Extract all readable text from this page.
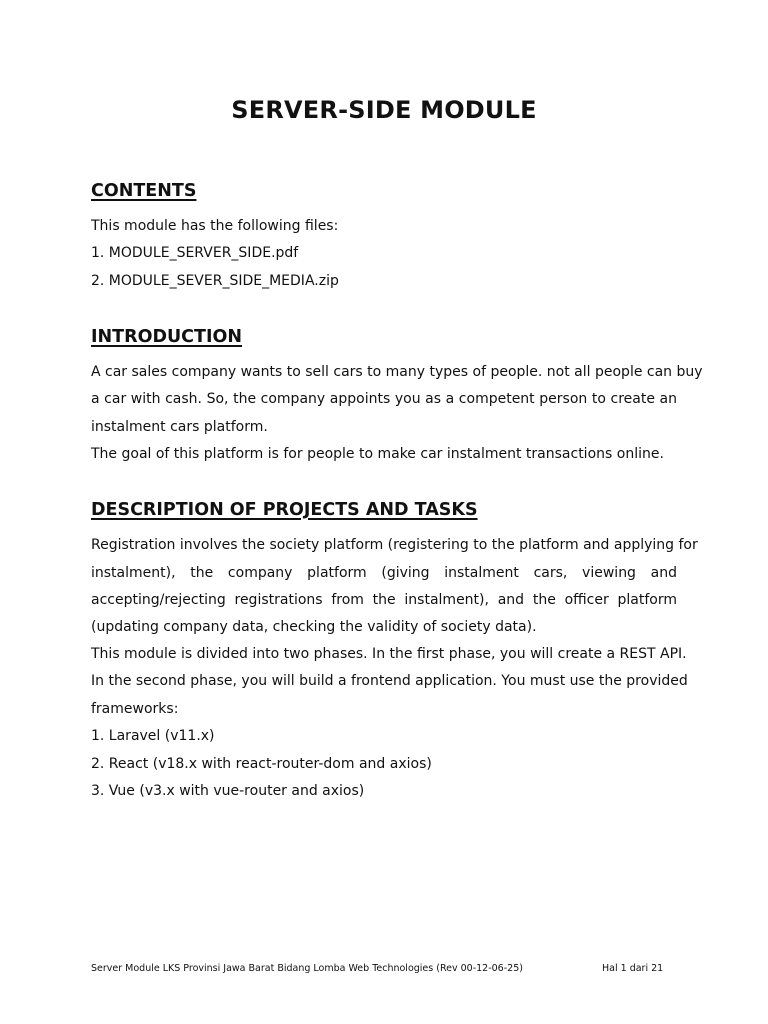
SERVER-SIDE MODULE
CONTENTS
This module has the following files:
1. MODULE_SERVER_SIDE.pdf
2. MODULE_SEVER_SIDE_MEDIA.zip
INTRODUCTION
A car sales company wants to sell cars to many types of people. not all people can buy
a car with cash. So, the company appoints you as a competent person to create an
instalment cars platform.
The goal of this platform is for people to make car instalment transactions online.
DESCRIPTION OF PROJECTS AND TASKS
Registration involves the society platform (registering to the platform and applying for
instalment), the company platform (giving instalment cars, viewing and
accepting/rejecting registrations from the instalment), and the officer platform
(updating company data, checking the validity of society data).
This module is divided into two phases. In the first phase, you will create a REST API.
In the second phase, you will build a frontend application. You must use the provided
frameworks:
1. Laravel (v11.x)
2. React (v18.x with react-router-dom and axios)
3. Vue (v3.x with vue-router and axios)
Server Module LKS Provinsi Jawa Barat Bidang Lomba Web Technologies (Rev 00-12-06-25)	Hal 1 dari 21
